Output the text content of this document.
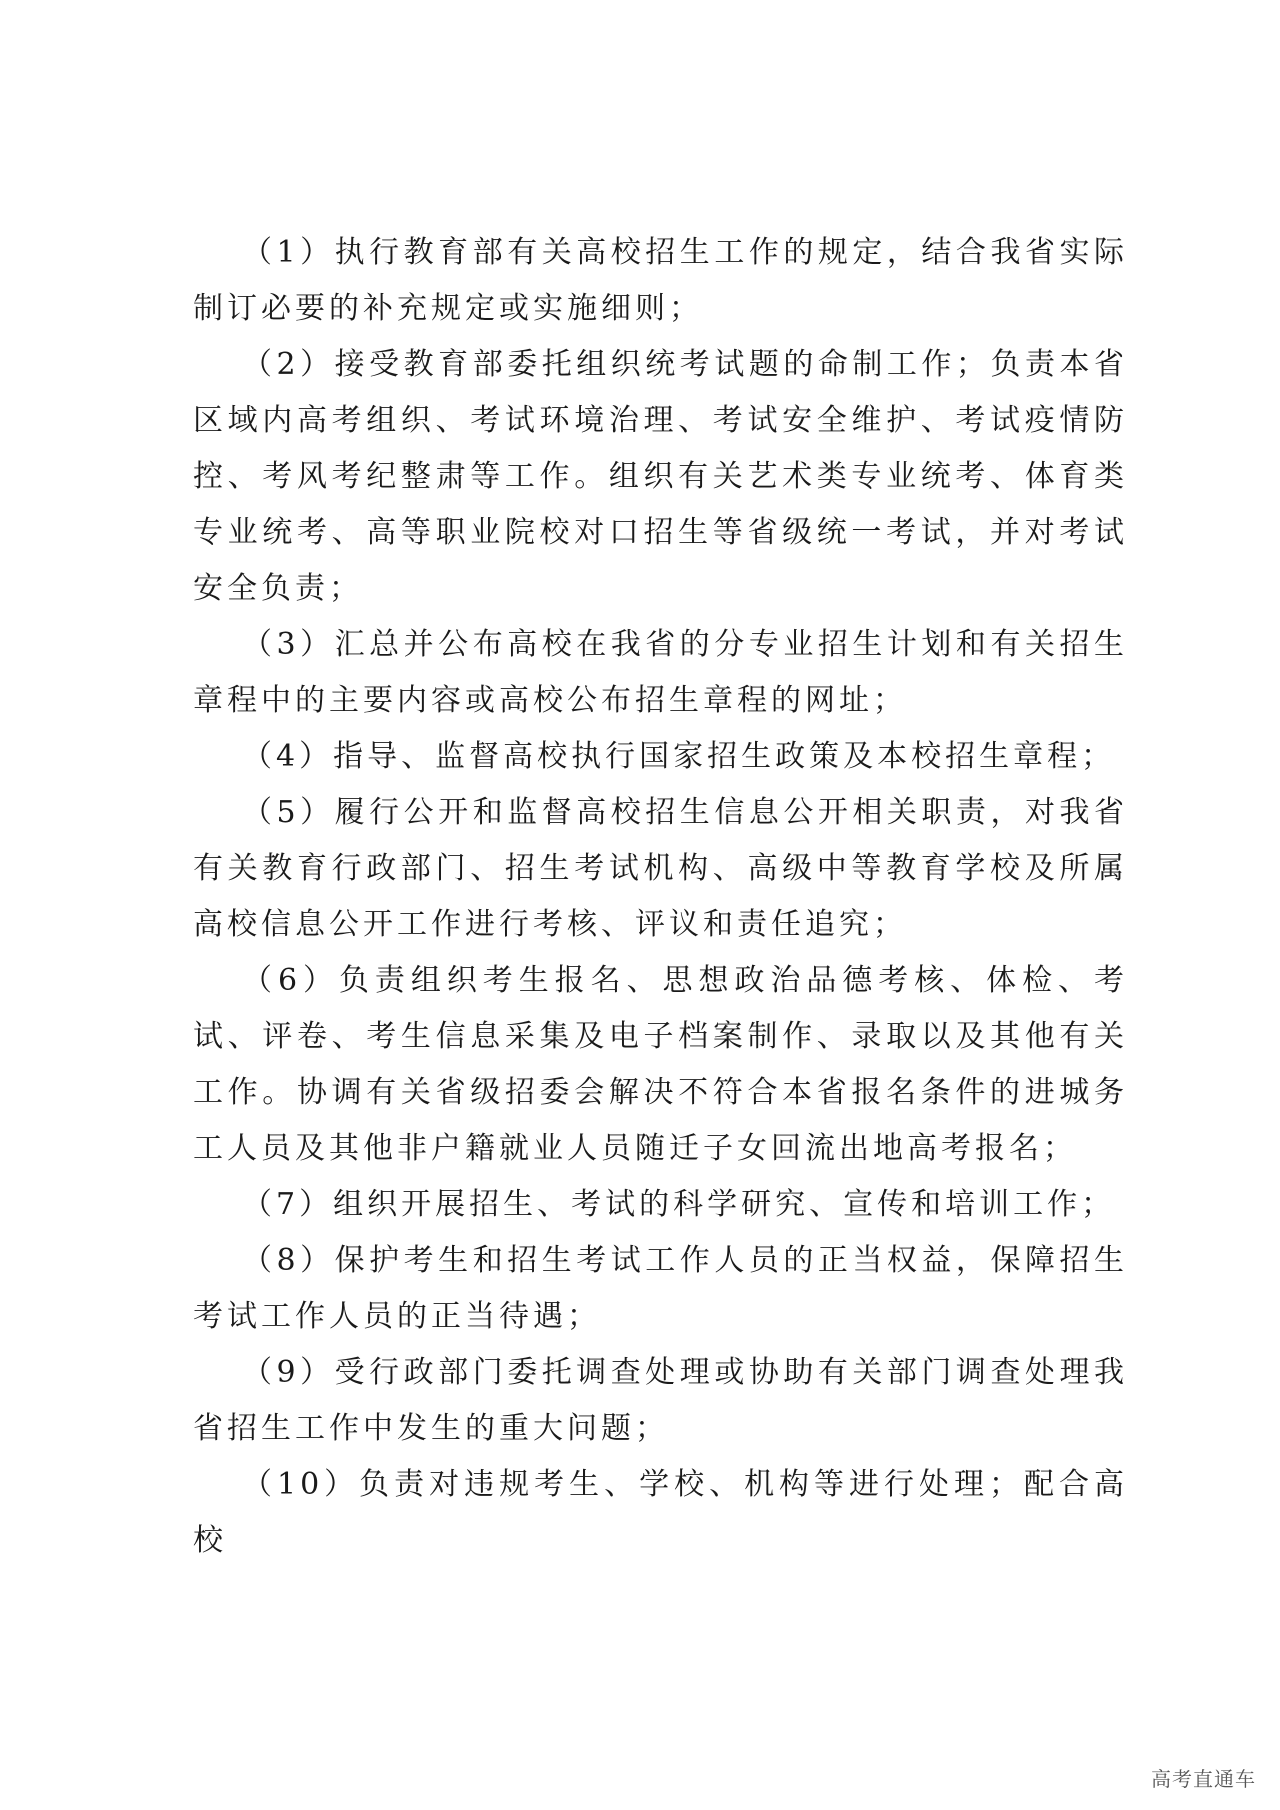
（1）执行教育部有关高校招生工作的规定，结合我省实际制订必要的补充规定或实施细则；

（2）接受教育部委托组织统考试题的命制工作；负责本省区域内高考组织、考试环境治理、考试安全维护、考试疫情防控、考风考纪整肃等工作。组织有关艺术类专业统考、体育类专业统考、高等职业院校对口招生等省级统一考试，并对考试安全负责；

（3）汇总并公布高校在我省的分专业招生计划和有关招生章程中的主要内容或高校公布招生章程的网址；

（4）指导、监督高校执行国家招生政策及本校招生章程；

（5）履行公开和监督高校招生信息公开相关职责，对我省有关教育行政部门、招生考试机构、高级中等教育学校及所属高校信息公开工作进行考核、评议和责任追究；

（6）负责组织考生报名、思想政治品德考核、体检、考试、评卷、考生信息采集及电子档案制作、录取以及其他有关工作。协调有关省级招委会解决不符合本省报名条件的进城务工人员及其他非户籍就业人员随迁子女回流出地高考报名；

（7）组织开展招生、考试的科学研究、宣传和培训工作；

（8）保护考生和招生考试工作人员的正当权益，保障招生考试工作人员的正当待遇；

（9）受行政部门委托调查处理或协助有关部门调查处理我省招生工作中发生的重大问题；

（10）负责对违规考生、学校、机构等进行处理；配合高校

高考直通车
